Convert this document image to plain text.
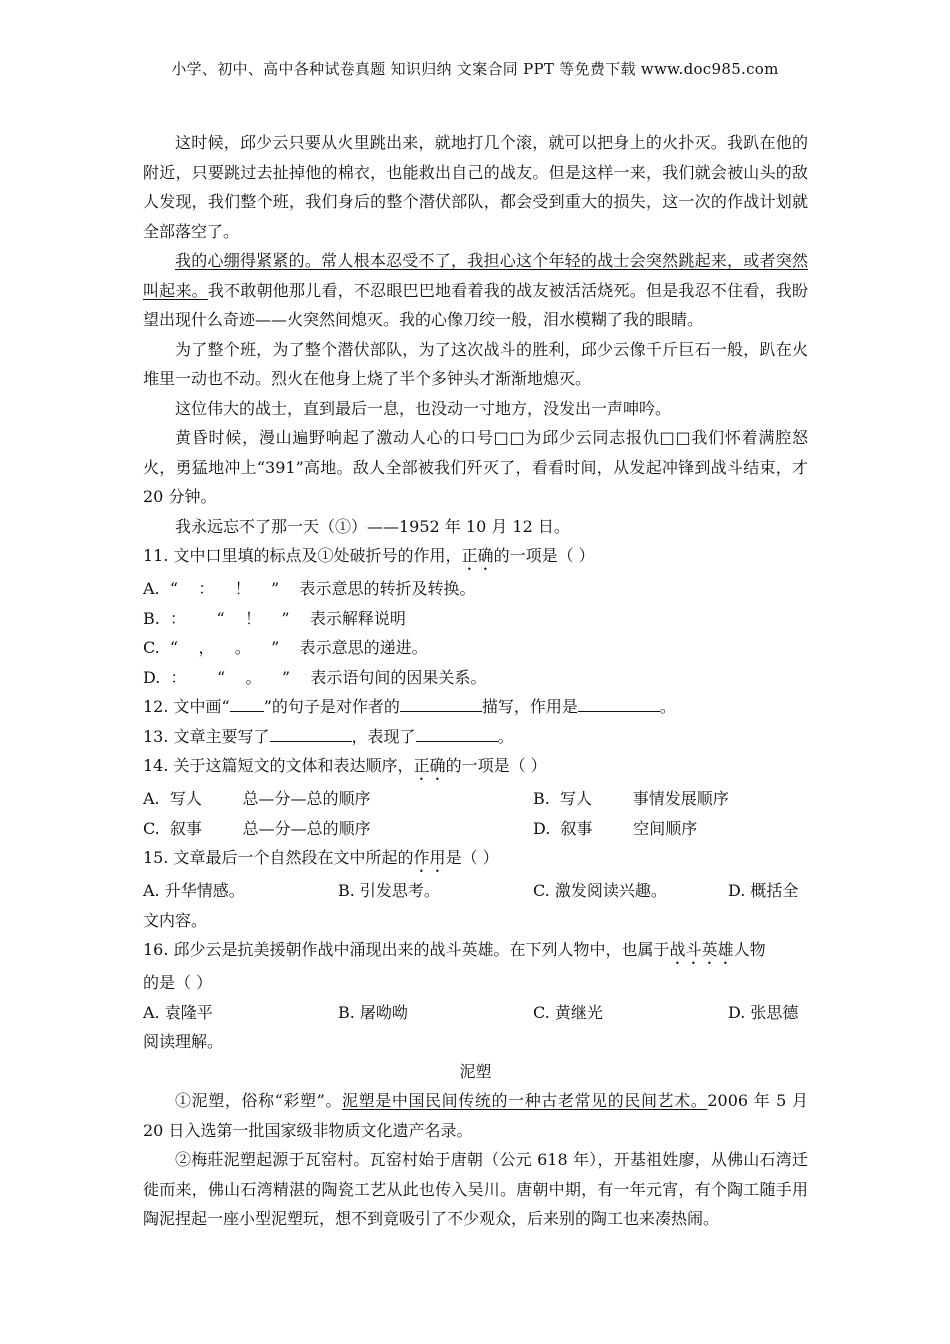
小学、初中、高中各种试卷真题 知识归纳 文案合同 PPT 等免费下载 www.doc985.com

这时候，邱少云只要从火里跳出来，就地打几个滚，就可以把身上的火扑灭。我趴在他的附近，只要跳过去扯掉他的棉衣，也能救出自己的战友。但是这样一来，我们就会被山头的敌人发现，我们整个班，我们身后的整个潜伏部队，都会受到重大的损失，这一次的作战计划就全部落空了。

我的心绷得紧紧的。常人根本忍受不了，我担心这个年轻的战士会突然跳起来，或者突然叫起来。我不敢朝他那儿看，不忍眼巴巴地看着我的战友被活活烧死。但是我忍不住看，我盼望出现什么奇迹——火突然间熄灭。我的心像刀绞一般，泪水模糊了我的眼睛。

为了整个班，为了整个潜伏部队，为了这次战斗的胜利，邱少云像千斤巨石一般，趴在火堆里一动也不动。烈火在他身上烧了半个多钟头才渐渐地熄灭。

这位伟大的战士，直到最后一息，也没动一寸地方，没发出一声呻吟。

黄昏时候，漫山遍野响起了激动人心的口号□□为邱少云同志报仇□□我们怀着满腔怒火，勇猛地冲上“391”高地。敌人全部被我们歼灭了，看看时间，从发起冲锋到战斗结束，才 20 分钟。

我永远忘不了那一天（①）——1952 年 10 月 12 日。

11. 文中口里填的标点及①处破折号的作用，正确的一项是（ ）

A.  “    ：    ！    ”    表示意思的转折及转换。

B.  ：      “    ！    ”    表示解释说明

C.  “    ，    。    ”    表示意思的递进。

D.  ：      “    。    ”    表示语句间的因果关系。

12. 文中画“ ”的句子是对作者的	描写，作用是	。

13. 文章主要写了	，表现了	。

14. 关于这篇短文的文体和表达顺序，正确的一项是（ ）

A.  写人        总—分—总的顺序	B.  写人        事情发展顺序
C.  叙事        总—分—总的顺序	D.  叙事        空间顺序

15. 文章最后一个自然段在文中所起的作用是（ ）

A. 升华情感。	B. 引发思考。	C. 激发阅读兴趣。	D. 概括全

文内容。

16. 邱少云是抗美援朝作战中涌现出来的战斗英雄。在下列人物中，也属于战斗英雄人物

的是（ ）

A. 袁隆平	B. 屠呦呦	C. 黄继光	D. 张思德

阅读理解。

泥塑

①泥塑，俗称“彩塑”。泥塑是中国民间传统的一种古老常见的民间艺术。2006 年 5 月 20 日入选第一批国家级非物质文化遗产名录。

②梅莊泥塑起源于瓦窑村。瓦窑村始于唐朝（公元 618 年），开基祖姓廖，从佛山石湾迁徙而来，佛山石湾精湛的陶瓷工艺从此也传入吴川。唐朝中期，有一年元宵，有个陶工随手用陶泥捏起一座小型泥塑玩，想不到竟吸引了不少观众，后来别的陶工也来凑热闹。
